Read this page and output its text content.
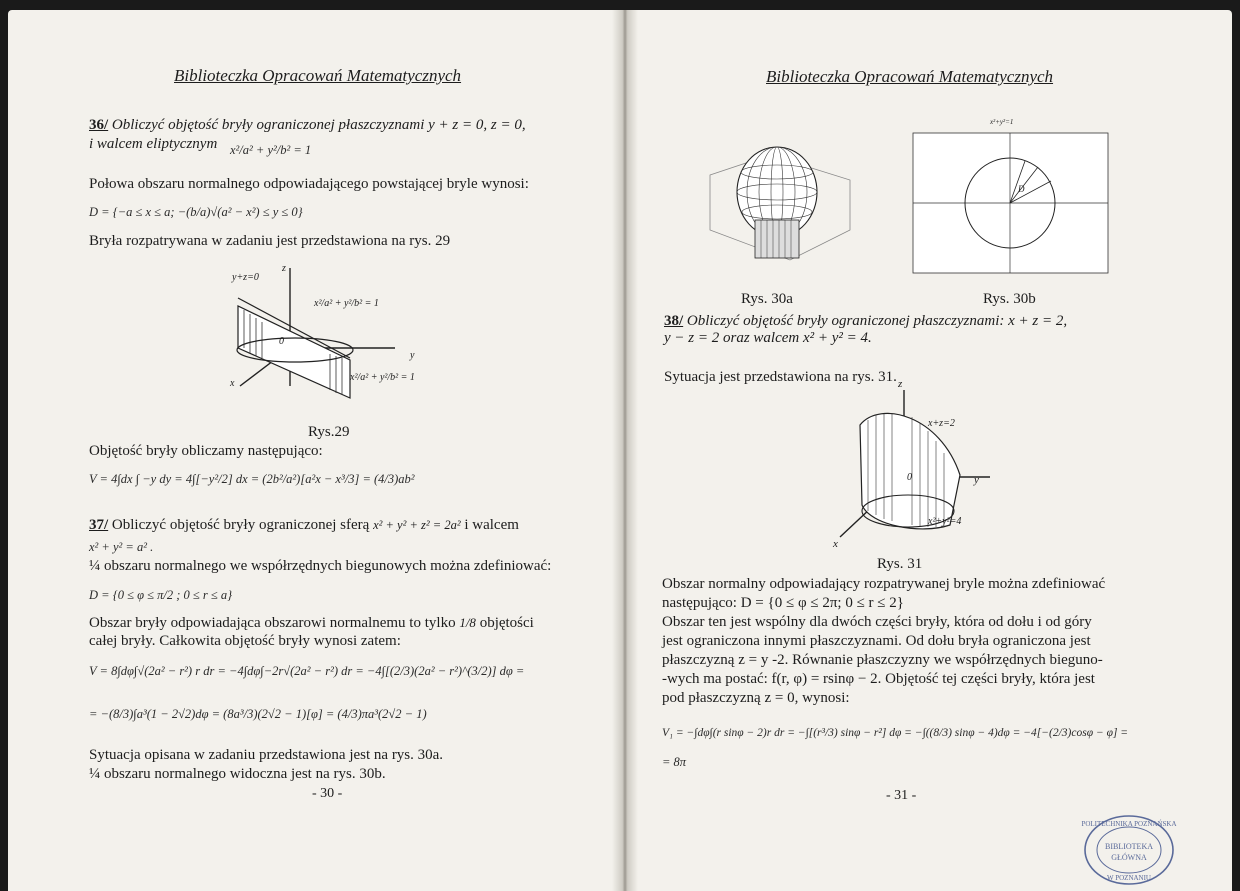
Biblioteczka Opracowań Matematycznych
36/ Obliczyć objętość bryły ograniczonej płaszczyznami y + z = 0, z = 0,
i walcem eliptycznym x²/a² + y²/b² = 1
Połowa obszaru normalnego odpowiadającego powstającej bryle wynosi:
D = {−a ≤ x ≤ a; −(b/a)√(a² − x²) ≤ y ≤ 0}
Bryła rozpatrywana w zadaniu jest przedstawiona na rys. 29
y+z=0
z
y
x
0
x²/a² + y²/b² = 1
x²/a² + y²/b² = 1
Rys.29
Objętość bryły obliczamy następująco:
V = 4∫dx ∫ −y dy = 4∫[−y²/2] dx = (2b²/a²)[a²x − x³/3] = (4/3)ab²
37/ Obliczyć objętość bryły ograniczonej sferą x² + y² + z² = 2a² i walcem
x² + y² = a² .
¼ obszaru normalnego we współrzędnych biegunowych można zdefiniować:
D = {0 ≤ φ ≤ π/2 ; 0 ≤ r ≤ a}
Obszar bryły odpowiadająca obszarowi normalnemu to tylko 1/8 objętości
całej bryły. Całkowita objętość bryły wynosi zatem:
V = 8∫dφ∫√(2a² − r²) r dr = −4∫dφ∫−2r√(2a² − r²) dr = −4∫[(2/3)(2a² − r²)^(3/2)] dφ =
= −(8/3)∫a³(1 − 2√2)dφ = (8a³/3)(2√2 − 1)[φ] = (4/3)πa³(2√2 − 1)
Sytuacja opisana w zadaniu przedstawiona jest na rys. 30a.
¼ obszaru normalnego widoczna jest na rys. 30b.
- 30 -
Biblioteczka Opracowań Matematycznych
x²+y²=1
D
Rys. 30a	Rys. 30b
38/ Obliczyć objętość bryły ograniczonej płaszczyznami: x + z = 2,
y − z = 2 oraz walcem x² + y² = 4.
Sytuacja jest przedstawiona na rys. 31. z
x+z=2
y
x
0
x²+y²=4
Rys. 31
Obszar normalny odpowiadający rozpatrywanej bryle można zdefiniować
następująco: D = {0 ≤ φ ≤ 2π; 0 ≤ r ≤ 2}
Obszar ten jest wspólny dla dwóch części bryły, która od dołu i od góry
jest ograniczona innymi płaszczyznami. Od dołu bryła ograniczona jest
płaszczyzną z = y -2. Równanie płaszczyzny we współrzędnych bieguno-
-wych ma postać: f(r, φ) = rsinφ − 2. Objętość tej części bryły, która jest
pod płaszczyzną z = 0, wynosi:
V₁ = −∫dφ∫(r sinφ − 2)r dr = −∫[(r³/3) sinφ − r²] dφ = −∫((8/3) sinφ − 4)dφ = −4[−(2/3)cosφ − φ] =
= 8π
- 31 -
POLITECHNIKA POZNAŃSKA
BIBLIOTEKA
GŁÓWNA
W POZNANIU
